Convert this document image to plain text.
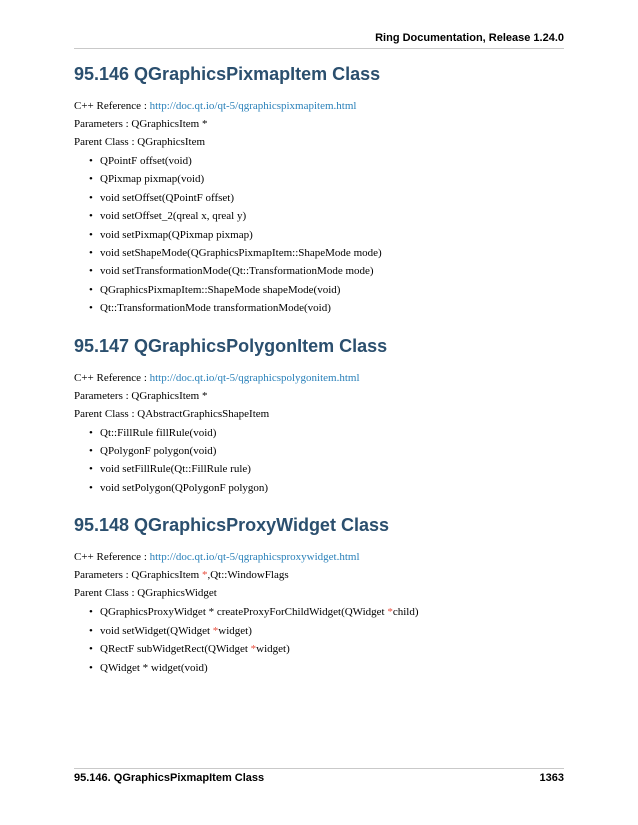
Ring Documentation, Release 1.24.0
95.146 QGraphicsPixmapItem Class

C++ Reference : http://doc.qt.io/qt-5/qgraphicspixmapitem.html

Parameters : QGraphicsItem *

Parent Class : QGraphicsItem

• QPointF offset(void)
• QPixmap pixmap(void)
• void setOffset(QPointF offset)
• void setOffset_2(qreal x, qreal y)
• void setPixmap(QPixmap pixmap)
• void setShapeMode(QGraphicsPixmapItem::ShapeMode mode)
• void setTransformationMode(Qt::TransformationMode mode)
• QGraphicsPixmapItem::ShapeMode shapeMode(void)
• Qt::TransformationMode transformationMode(void)
95.147 QGraphicsPolygonItem Class

C++ Reference : http://doc.qt.io/qt-5/qgraphicspolygonitem.html

Parameters : QGraphicsItem *

Parent Class : QAbstractGraphicsShapeItem

• Qt::FillRule fillRule(void)
• QPolygonF polygon(void)
• void setFillRule(Qt::FillRule rule)
• void setPolygon(QPolygonF polygon)
95.148 QGraphicsProxyWidget Class

C++ Reference : http://doc.qt.io/qt-5/qgraphicsproxywidget.html

Parameters : QGraphicsItem *,Qt::WindowFlags

Parent Class : QGraphicsWidget

• QGraphicsProxyWidget * createProxyForChildWidget(QWidget *child)
• void setWidget(QWidget *widget)
• QRectF subWidgetRect(QWidget *widget)
• QWidget * widget(void)
95.146. QGraphicsPixmapItem Class	1363
